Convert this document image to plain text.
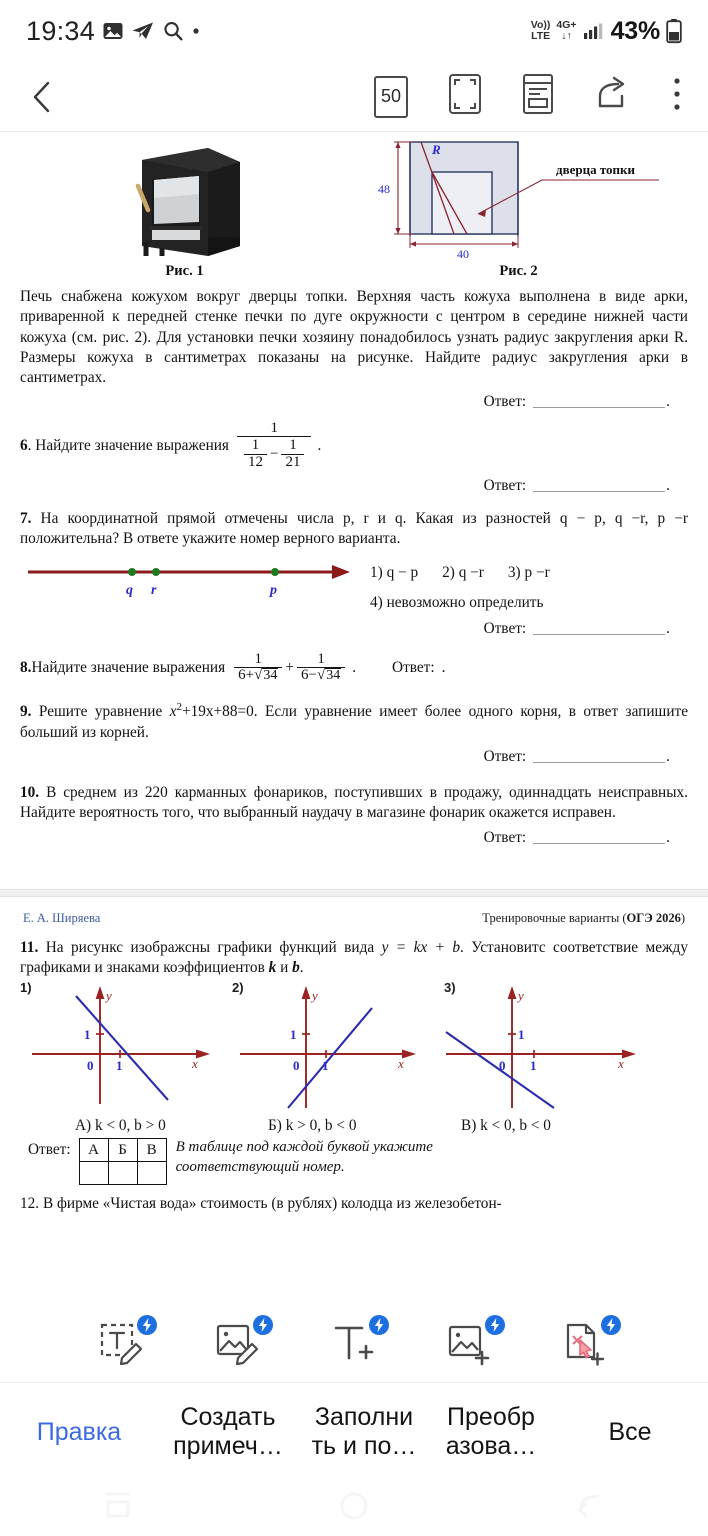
19:34	Vo))
LTE
4G+
↓↑ 43%
50
Рис. 1
R
48
40
дверца топки
Рис. 2
Печь снабжена кожухом вокруг дверцы топки. Верхняя часть кожуха выполнена в виде арки, приваренной к передней стенке печки по дуге окружности с центром в середине нижней части кожуха (см. рис. 2). Для установки печки хозяину понадобилось узнать радиус закругления арки R. Размеры кожуха в сантиметрах показаны на рисунке. Найдите радиус закругления арки в сантиметрах.
Ответ:	.
6 . Найдите значение выражения
1
$\frac{1}{12} - \frac{1}{21}$ .
Ответ:	.
7. На координатной прямой отмечены числа p, r и q. Какая из разностей q − p, q −r, p −r положительна? В ответе укажите номер верного варианта.
q r	p
1) q − p 2) q −r 3) p −r
4) невозможно определить
Ответ:	.
8. Найдите значение выражения $\frac{1}{6+ √ 34} + \frac{1}{6- √ 34}$ . Ответ: .
9. Решите уравнение $x^2+19x+88=0$. Если уравнение имеет более одного корня, в ответ запишите больший из корней.
Ответ:	.
10. В среднем из 220 карманных фонариков, поступивших в продажу, одиннадцать неисправных. Найдите вероятность того, что выбранный наудачу в магазине фонарик окажется исправен.
Ответ:	.
Е. А. Ширяева	Тренировочные варианты (ОГЭ 2026)
11. На рисункс изображсны графики функций вида y = kx + b. Установитс соответствие между графиками и знаками коэффициентов k и b.
1)
1
0 1	x
y
2)
1
0 1	x
y
3)
1
0 1	x
y
А) k < 0, b > 0	Б) k > 0, b < 0	В) k < 0, b < 0
Ответ: А	Б	В
		В таблице под каждой буквой укажите соответствующий номер.
12. В фирме «Чистая вода» стоимость (в рублях) колодца из железобетон-
Правка
Создать
примеч…
Заполни
ть и по…
Преобр
азова…
Все
